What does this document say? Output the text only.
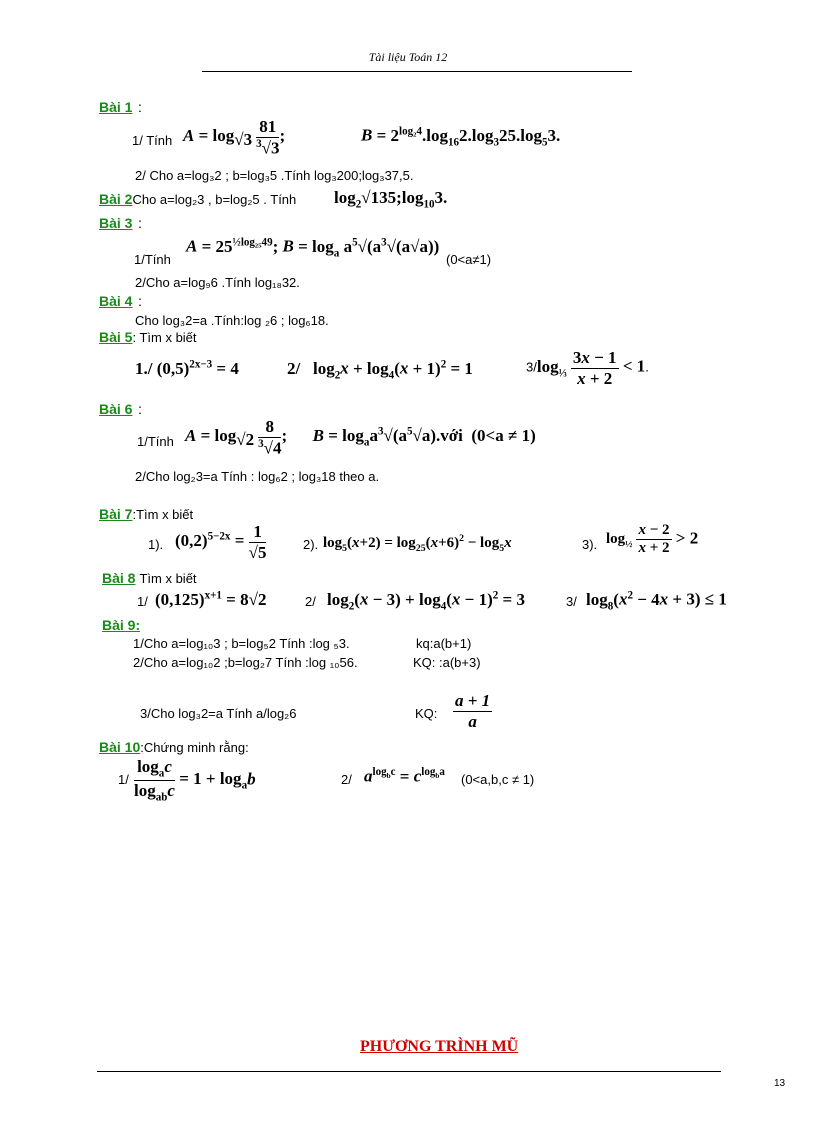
Tài liệu Toán 12
Bài 1 :
1/ Tính $A = \log_{√3} \frac{81}{^3√3}$ ;	$B = 2^{log_24}.\log_{16}2.\log_325.\log_53$.
2/ Cho a=log₃2 ; b=log₃5 .Tính log₃200;log₃37,5.
Bài 2Cho a=log₂3 , b=log₂5 . Tính $\log_2√135;\log_{10}3$.
Bài 3 :
1/Tính
$A = 25^{\frac{1}{2}log_{25}49}$; $B = \log_a a^5√(a^3√(a√a))$
(0<a≠1)
2/Cho a=log₉6 .Tính log₁₈32.
Bài 4 :
Cho log₃2=a .Tính:log ₂6 ; log₆18.
Bài 5: Tìm x biết
1./ $(0,5)^{2x-3} = 4$	2/   $\log_2x + \log_4(x + 1)^2 = 1$	$3/\log_{\frac{1}{3}} \frac{3x - 1}{x + 2} < 1$.
Bài 6 :
1/Tính $A = \log_{√2} \frac{8}{^3√4}$ ;      $B = \log_aa^3√(a^5√a).với$  (0<a ≠ 1)
2/Cho log₂3=a Tính : log₆2 ; log₃18 theo a.
Bài 7:Tìm x biết
1). $(0,2)^{5-2x} = \frac{1}{√5}$	2). $\log_5(x+2) = \log_{25}(x+6)^2 - \log_5x$	3). $\log_{\frac{1}{2}} \frac{x - 2}{x + 2} > 2$
Bài 8 Tìm x biết
1/ $(0,125)^{x+1} = 8√2$	2/ $\log_2(x - 3) + \log_4(x - 1)^2 = 3$	3/ $\log_8(x^2 - 4x + 3) \le 1$
Bài 9:
1/Cho a=log₁₀3 ; b=log₅2 Tính :log ₅3.	kq:a(b+1)
2/Cho a=log₁₀2 ;b=log₂7 Tính :log ₁₀56.	KQ: :a(b+3)
3/Cho log₃2=a Tính a/log₂6	KQ: $\frac{a + 1}{a}$
Bài 10:Chứng minh rằng:
$1/ \frac{\log_ac}{\log_{ab}c} = 1 + \log_ab$	2/ $a^{log_bc} = c^{log_ba}$ (0<a,b,c ≠ 1)
PHƯƠNG TRÌNH MŨ
13
